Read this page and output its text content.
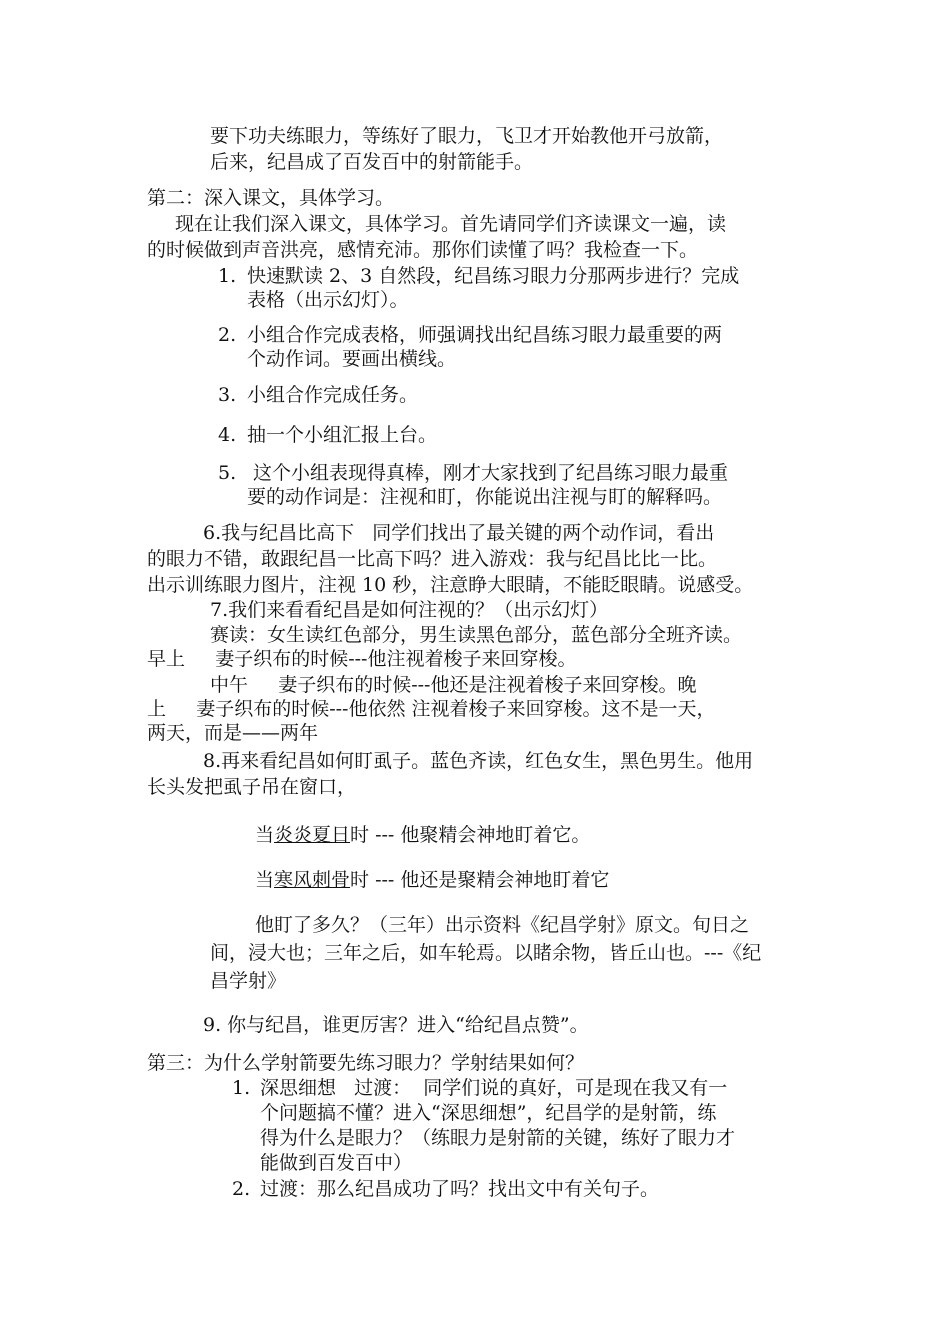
要下功夫练眼力，等练好了眼力，飞卫才开始教他开弓放箭，
后来，纪昌成了百发百中的射箭能手。
第二：深入课文，具体学习。
现在让我们深入课文，具体学习。首先请同学们齐读课文一遍，读
的时候做到声音洪亮，感情充沛。那你们读懂了吗？我检查一下。
1. 快速默读 2、3 自然段，纪昌练习眼力分那两步进行？完成
表格（出示幻灯）。
2. 小组合作完成表格，师强调找出纪昌练习眼力最重要的两
个动作词。要画出横线。
3. 小组合作完成任务。
4. 抽一个小组汇报上台。
5. 这个小组表现得真棒，刚才大家找到了纪昌练习眼力最重
要的动作词是：注视和盯，你能说出注视与盯的解释吗。
6.我与纪昌比高下   同学们找出了最关键的两个动作词，看出
的眼力不错，敢跟纪昌一比高下吗？进入游戏：我与纪昌比比一比。
出示训练眼力图片，注视 10 秒，注意睁大眼睛，不能眨眼睛。说感受。
7.我们来看看纪昌是如何注视的？（出示幻灯）
赛读：女生读红色部分，男生读黑色部分，蓝色部分全班齐读。
早上     妻子织布的时候---他注视着梭子来回穿梭。
中午     妻子织布的时候---他还是注视着梭子来回穿梭。晚
上     妻子织布的时候---他依然 注视着梭子来回穿梭。这不是一天，
两天，而是——两年
8.再来看纪昌如何盯虱子。蓝色齐读，红色女生，黑色男生。他用
长头发把虱子吊在窗口，
当炎炎夏日时 --- 他聚精会神地盯着它。
当寒风刺骨时 --- 他还是聚精会神地盯着它
他盯了多久？（三年）出示资料《纪昌学射》原文。旬日之
间，浸大也；三年之后，如车轮焉。以睹余物，皆丘山也。---《纪
昌学射》
9. 你与纪昌，谁更厉害？进入“给纪昌点赞”。
第三：为什么学射箭要先练习眼力？学射结果如何？
1. 深思细想   过渡：  同学们说的真好，可是现在我又有一
个问题搞不懂？进入“深思细想”，纪昌学的是射箭，练
得为什么是眼力？（练眼力是射箭的关键，练好了眼力才
能做到百发百中）
2. 过渡：那么纪昌成功了吗？找出文中有关句子。
